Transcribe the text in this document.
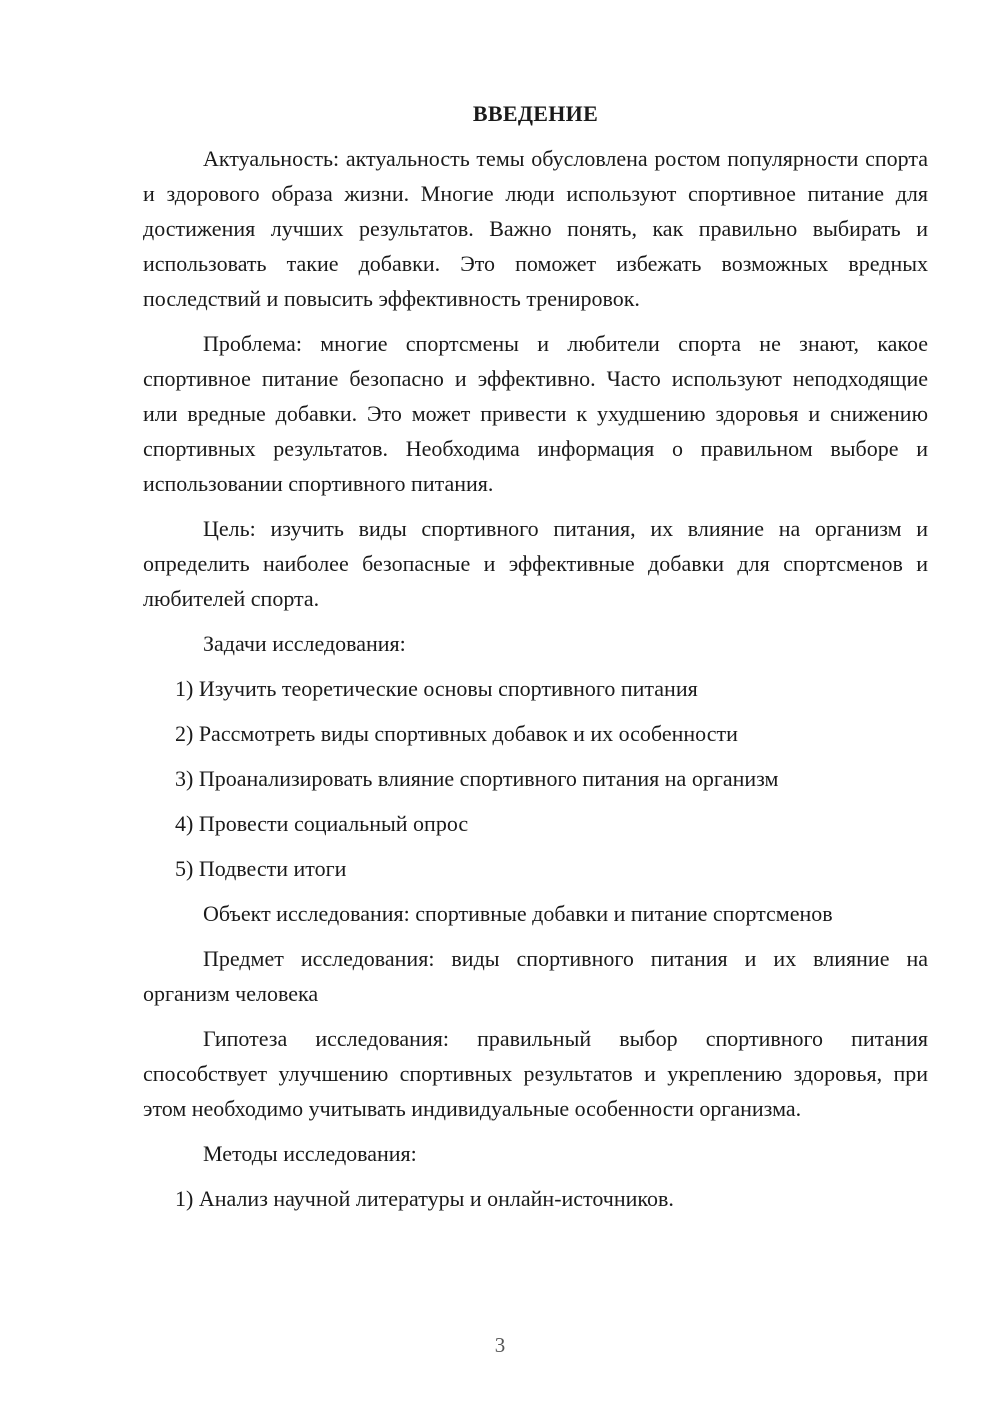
ВВЕДЕНИЕ

Актуальность: актуальность темы обусловлена ростом популярности спорта и здорового образа жизни. Многие люди используют спортивное питание для достижения лучших результатов. Важно понять, как правильно выбирать и использовать такие добавки. Это поможет избежать возможных вредных последствий и повысить эффективность тренировок.

Проблема: многие спортсмены и любители спорта не знают, какое спортивное питание безопасно и эффективно. Часто используют неподходящие или вредные добавки. Это может привести к ухудшению здоровья и снижению спортивных результатов. Необходима информация о правильном выборе и использовании спортивного питания.

Цель: изучить виды спортивного питания, их влияние на организм и определить наиболее безопасные и эффективные добавки для спортсменов и любителей спорта.

Задачи исследования:

1) Изучить теоретические основы спортивного питания
2) Рассмотреть виды спортивных добавок и их особенности
3) Проанализировать влияние спортивного питания на организм
4) Провести социальный опрос
5) Подвести итоги

Объект исследования: спортивные добавки и питание спортсменов

Предмет исследования: виды спортивного питания и их влияние на организм человека

Гипотеза исследования: правильный выбор спортивного питания способствует улучшению спортивных результатов и укреплению здоровья, при этом необходимо учитывать индивидуальные особенности организма.

Методы исследования:

1) Анализ научной литературы и онлайн-источников.
3
